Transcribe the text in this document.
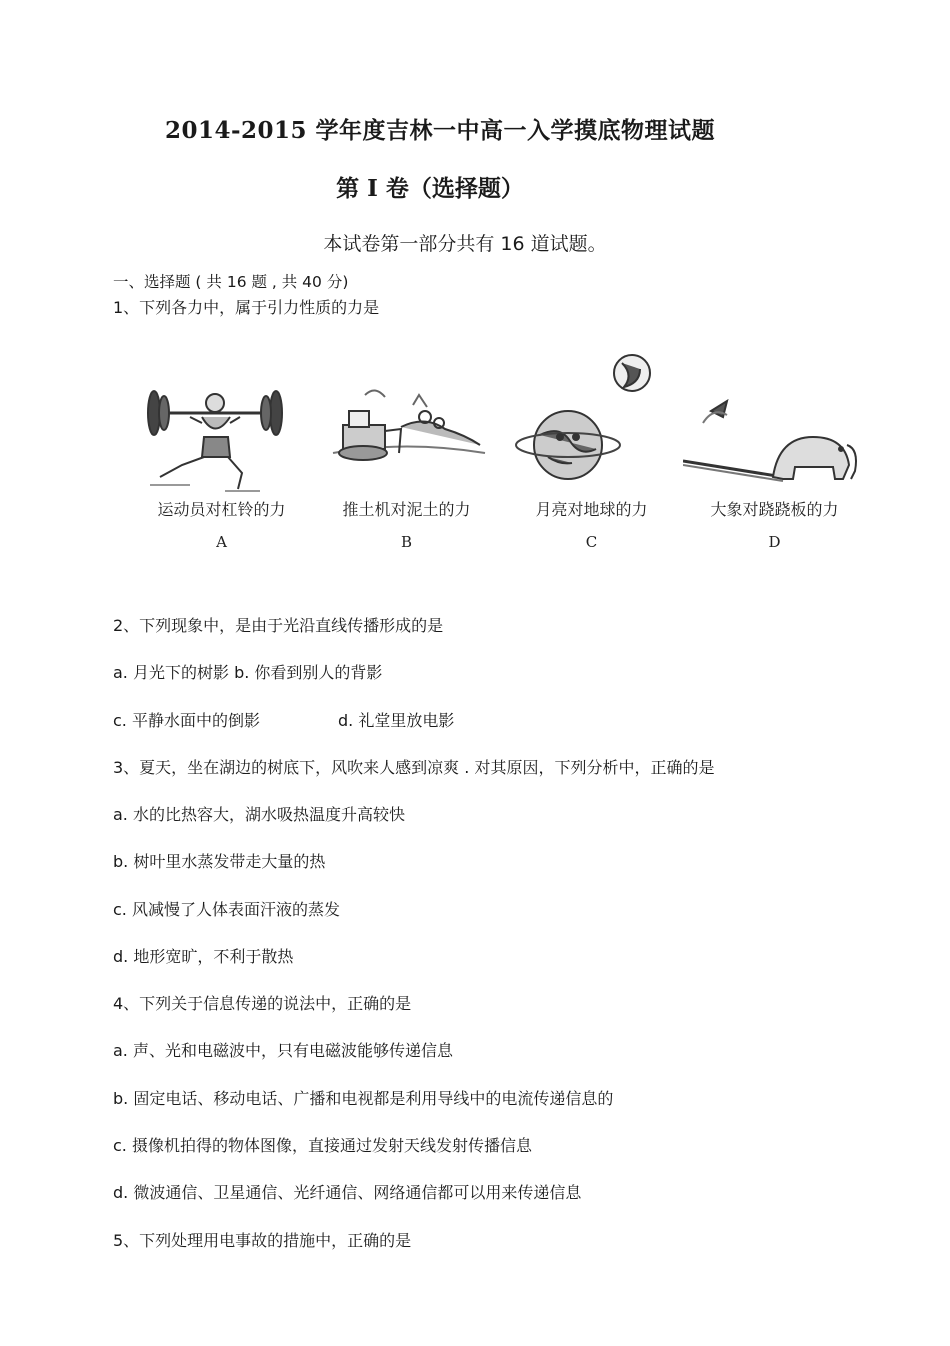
2014-2015 学年度吉林一中高一入学摸底物理试题
第 I 卷（选择题）
本试卷第一部分共有 16 道试题。
一、选择题 ( 共 16 题 , 共 40 分)
1、下列各力中，属于引力性质的力是
运动员对杠铃的力
A
推土机对泥土的力
B
月亮对地球的力
C
大象对跷跷板的力
D
2、下列现象中，是由于光沿直线传播形成的是
a. 月光下的树影 b. 你看到别人的背影
c. 平静水面中的倒影	d. 礼堂里放电影
3、夏天，坐在湖边的树底下，风吹来人感到凉爽 . 对其原因，下列分析中，正确的是
a. 水的比热容大，湖水吸热温度升高较快
b. 树叶里水蒸发带走大量的热
c. 风减慢了人体表面汗液的蒸发
d. 地形宽旷，不利于散热
4、下列关于信息传递的说法中，正确的是
a. 声、光和电磁波中，只有电磁波能够传递信息
b. 固定电话、移动电话、广播和电视都是利用导线中的电流传递信息的
c. 摄像机拍得的物体图像，直接通过发射天线发射传播信息
d. 微波通信、卫星通信、光纤通信、网络通信都可以用来传递信息
5、下列处理用电事故的措施中，正确的是
